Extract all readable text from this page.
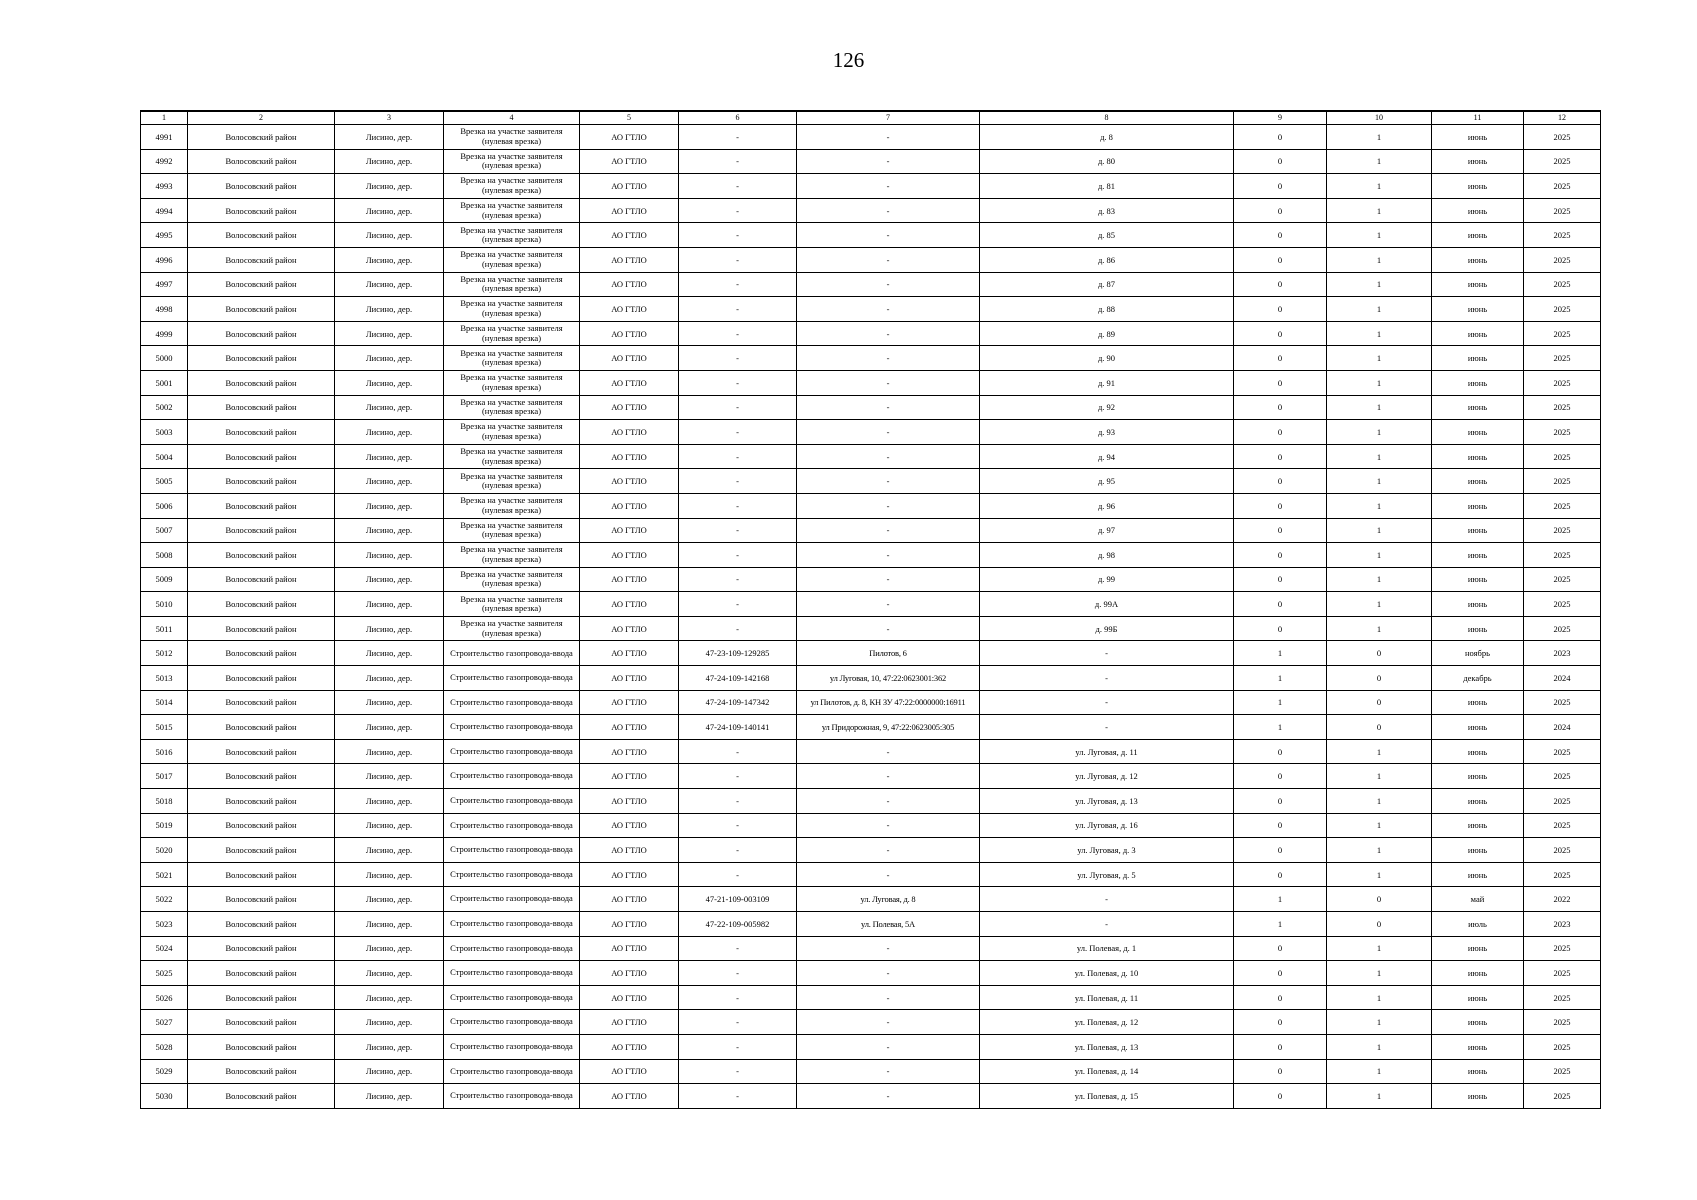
126
1	2	3	4	5	6	7	8	9	10	11	12
4991	Волосовский район	Лисино, дер.	Врезка на участке заявителя (нулевая врезка)	АО ГТЛО	-	-	д. 8	0	1	июнь	2025
4992	Волосовский район	Лисино, дер.	Врезка на участке заявителя (нулевая врезка)	АО ГТЛО	-	-	д. 80	0	1	июнь	2025
4993	Волосовский район	Лисино, дер.	Врезка на участке заявителя (нулевая врезка)	АО ГТЛО	-	-	д. 81	0	1	июнь	2025
4994	Волосовский район	Лисино, дер.	Врезка на участке заявителя (нулевая врезка)	АО ГТЛО	-	-	д. 83	0	1	июнь	2025
4995	Волосовский район	Лисино, дер.	Врезка на участке заявителя (нулевая врезка)	АО ГТЛО	-	-	д. 85	0	1	июнь	2025
4996	Волосовский район	Лисино, дер.	Врезка на участке заявителя (нулевая врезка)	АО ГТЛО	-	-	д. 86	0	1	июнь	2025
4997	Волосовский район	Лисино, дер.	Врезка на участке заявителя (нулевая врезка)	АО ГТЛО	-	-	д. 87	0	1	июнь	2025
4998	Волосовский район	Лисино, дер.	Врезка на участке заявителя (нулевая врезка)	АО ГТЛО	-	-	д. 88	0	1	июнь	2025
4999	Волосовский район	Лисино, дер.	Врезка на участке заявителя (нулевая врезка)	АО ГТЛО	-	-	д. 89	0	1	июнь	2025
5000	Волосовский район	Лисино, дер.	Врезка на участке заявителя (нулевая врезка)	АО ГТЛО	-	-	д. 90	0	1	июнь	2025
5001	Волосовский район	Лисино, дер.	Врезка на участке заявителя (нулевая врезка)	АО ГТЛО	-	-	д. 91	0	1	июнь	2025
5002	Волосовский район	Лисино, дер.	Врезка на участке заявителя (нулевая врезка)	АО ГТЛО	-	-	д. 92	0	1	июнь	2025
5003	Волосовский район	Лисино, дер.	Врезка на участке заявителя (нулевая врезка)	АО ГТЛО	-	-	д. 93	0	1	июнь	2025
5004	Волосовский район	Лисино, дер.	Врезка на участке заявителя (нулевая врезка)	АО ГТЛО	-	-	д. 94	0	1	июнь	2025
5005	Волосовский район	Лисино, дер.	Врезка на участке заявителя (нулевая врезка)	АО ГТЛО	-	-	д. 95	0	1	июнь	2025
5006	Волосовский район	Лисино, дер.	Врезка на участке заявителя (нулевая врезка)	АО ГТЛО	-	-	д. 96	0	1	июнь	2025
5007	Волосовский район	Лисино, дер.	Врезка на участке заявителя (нулевая врезка)	АО ГТЛО	-	-	д. 97	0	1	июнь	2025
5008	Волосовский район	Лисино, дер.	Врезка на участке заявителя (нулевая врезка)	АО ГТЛО	-	-	д. 98	0	1	июнь	2025
5009	Волосовский район	Лисино, дер.	Врезка на участке заявителя (нулевая врезка)	АО ГТЛО	-	-	д. 99	0	1	июнь	2025
5010	Волосовский район	Лисино, дер.	Врезка на участке заявителя (нулевая врезка)	АО ГТЛО	-	-	д. 99А	0	1	июнь	2025
5011	Волосовский район	Лисино, дер.	Врезка на участке заявителя (нулевая врезка)	АО ГТЛО	-	-	д. 99Б	0	1	июнь	2025
5012	Волосовский район	Лисино, дер.	Строительство газопровода-ввода	АО ГТЛО	47-23-109-129285	Пилотов, 6	-	1	0	ноябрь	2023
5013	Волосовский район	Лисино, дер.	Строительство газопровода-ввода	АО ГТЛО	47-24-109-142168	ул Луговая, 10, 47:22:0623001:362	-	1	0	декабрь	2024
5014	Волосовский район	Лисино, дер.	Строительство газопровода-ввода	АО ГТЛО	47-24-109-147342	ул Пилотов, д. 8, КН ЗУ 47:22:0000000:16911	-	1	0	июнь	2025
5015	Волосовский район	Лисино, дер.	Строительство газопровода-ввода	АО ГТЛО	47-24-109-140141	ул Придорожная, 9, 47:22:0623005:305	-	1	0	июнь	2024
5016	Волосовский район	Лисино, дер.	Строительство газопровода-ввода	АО ГТЛО	-	-	ул. Луговая, д. 11	0	1	июнь	2025
5017	Волосовский район	Лисино, дер.	Строительство газопровода-ввода	АО ГТЛО	-	-	ул. Луговая, д. 12	0	1	июнь	2025
5018	Волосовский район	Лисино, дер.	Строительство газопровода-ввода	АО ГТЛО	-	-	ул. Луговая, д. 13	0	1	июнь	2025
5019	Волосовский район	Лисино, дер.	Строительство газопровода-ввода	АО ГТЛО	-	-	ул. Луговая, д. 16	0	1	июнь	2025
5020	Волосовский район	Лисино, дер.	Строительство газопровода-ввода	АО ГТЛО	-	-	ул. Луговая, д. 3	0	1	июнь	2025
5021	Волосовский район	Лисино, дер.	Строительство газопровода-ввода	АО ГТЛО	-	-	ул. Луговая, д. 5	0	1	июнь	2025
5022	Волосовский район	Лисино, дер.	Строительство газопровода-ввода	АО ГТЛО	47-21-109-003109	ул. Луговая, д. 8	-	1	0	май	2022
5023	Волосовский район	Лисино, дер.	Строительство газопровода-ввода	АО ГТЛО	47-22-109-005982	ул. Полевая, 5А	-	1	0	июль	2023
5024	Волосовский район	Лисино, дер.	Строительство газопровода-ввода	АО ГТЛО	-	-	ул. Полевая, д. 1	0	1	июнь	2025
5025	Волосовский район	Лисино, дер.	Строительство газопровода-ввода	АО ГТЛО	-	-	ул. Полевая, д. 10	0	1	июнь	2025
5026	Волосовский район	Лисино, дер.	Строительство газопровода-ввода	АО ГТЛО	-	-	ул. Полевая, д. 11	0	1	июнь	2025
5027	Волосовский район	Лисино, дер.	Строительство газопровода-ввода	АО ГТЛО	-	-	ул. Полевая, д. 12	0	1	июнь	2025
5028	Волосовский район	Лисино, дер.	Строительство газопровода-ввода	АО ГТЛО	-	-	ул. Полевая, д. 13	0	1	июнь	2025
5029	Волосовский район	Лисино, дер.	Строительство газопровода-ввода	АО ГТЛО	-	-	ул. Полевая, д. 14	0	1	июнь	2025
5030	Волосовский район	Лисино, дер.	Строительство газопровода-ввода	АО ГТЛО	-	-	ул. Полевая, д. 15	0	1	июнь	2025
